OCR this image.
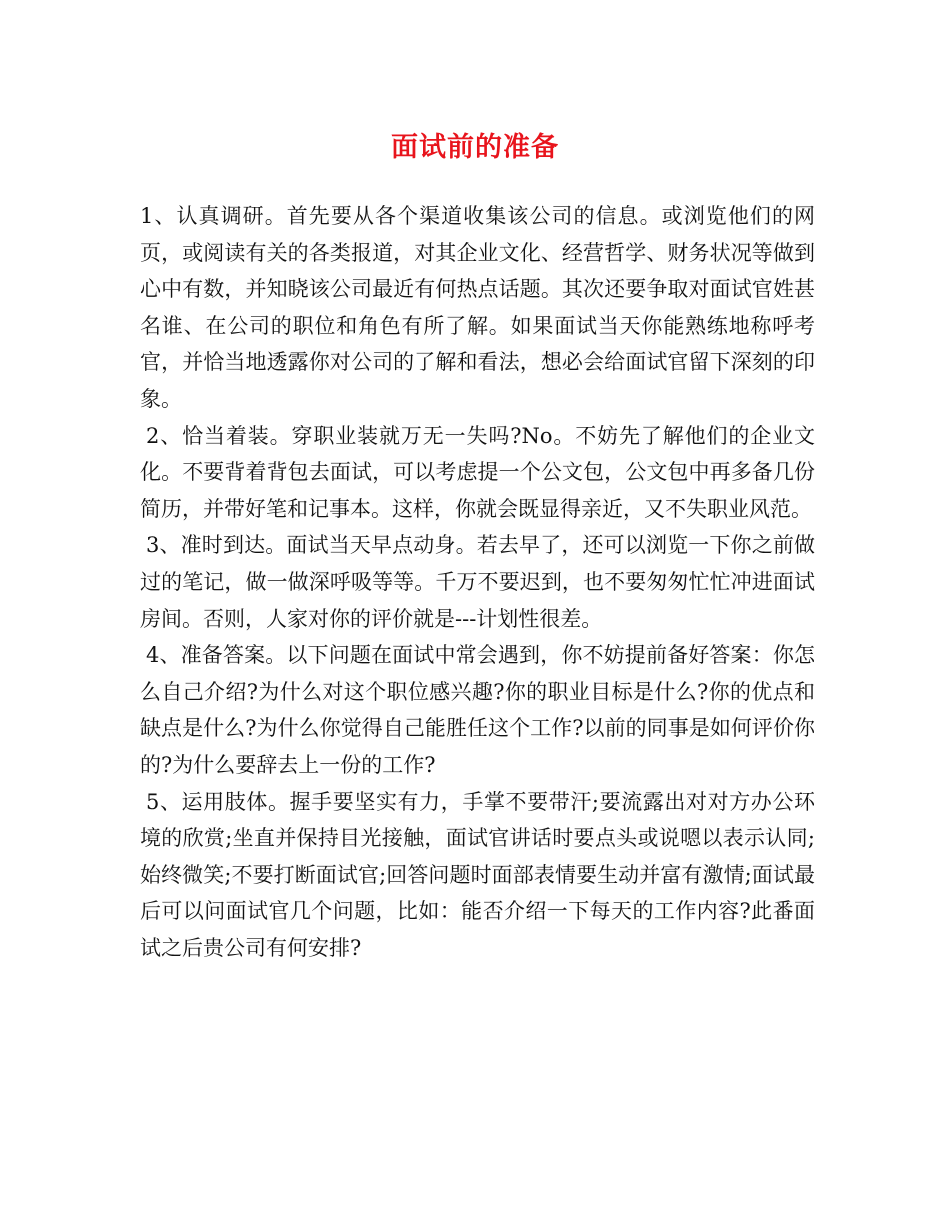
面试前的准备

1、认真调研。首先要从各个渠道收集该公司的信息。或浏览他们的网页，或阅读有关的各类报道，对其企业文化、经营哲学、财务状况等做到心中有数，并知晓该公司最近有何热点话题。其次还要争取对面试官姓甚名谁、在公司的职位和角色有所了解。如果面试当天你能熟练地称呼考官，并恰当地透露你对公司的了解和看法，想必会给面试官留下深刻的印象。

2、恰当着装。穿职业装就万无一失吗?No。不妨先了解他们的企业文化。不要背着背包去面试，可以考虑提一个公文包，公文包中再多备几份简历，并带好笔和记事本。这样，你就会既显得亲近，又不失职业风范。

3、准时到达。面试当天早点动身。若去早了，还可以浏览一下你之前做过的笔记，做一做深呼吸等等。千万不要迟到，也不要匆匆忙忙冲进面试房间。否则，人家对你的评价就是---计划性很差。

4、准备答案。以下问题在面试中常会遇到，你不妨提前备好答案：你怎么自己介绍?为什么对这个职位感兴趣?你的职业目标是什么?你的优点和缺点是什么?为什么你觉得自己能胜任这个工作?以前的同事是如何评价你的?为什么要辞去上一份的工作?

5、运用肢体。握手要坚实有力，手掌不要带汗;要流露出对对方办公环境的欣赏;坐直并保持目光接触，面试官讲话时要点头或说嗯以表示认同;始终微笑;不要打断面试官;回答问题时面部表情要生动并富有激情;面试最后可以问面试官几个问题，比如：能否介绍一下每天的工作内容?此番面试之后贵公司有何安排?
